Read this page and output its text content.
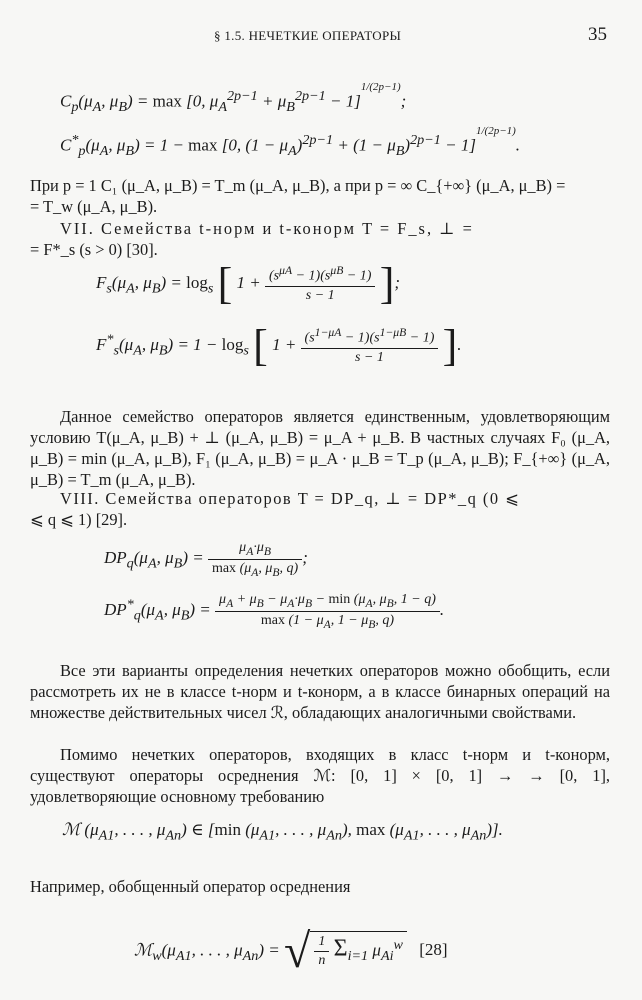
§ 1.5. НЕЧЕТКИЕ ОПЕРАТОРЫ	35
$C_p(\mu_A$, $\mu_B) = \max [0$, $\mu_A^{2p-1} + \mu_B^{2p-1} - 1]^{1/(2p-1)}$;
$C^*_p(\mu_A$, $\mu_B) = 1 - \max [0$, $(1 - \mu_A)^{2p-1} + (1 - \mu_B)^{2p-1} - 1]^{1/(2p-1)}$.

При p = 1 C₁ (μ_A, μ_B) = T_m (μ_A, μ_B), а при p = ∞ C_{+∞} (μ_A, μ_B) =

= T_w (μ_A, μ_B).

VII. Семейства t-норм и t-конорм T = F_s, ⊥ =

= F*_s (s > 0) [30].

$F_s(\mu_A$, $\mu_B) = \log_s$ [ $1 + \frac{(s^{\mu A} - 1)(s^{\mu B} - 1)}{s - 1}$ ];
$F^*_s(\mu_A$, $\mu_B) = 1 - \log_s$ [ $1 + \frac{(s^{1-\mu A} - 1)(s^{1-\mu B} - 1)}{s - 1}$ ].

Данное семейство операторов является единственным, удовлетворяющим условию T(μ_A, μ_B) + ⊥ (μ_A, μ_B) = μ_A + μ_B. В частных случаях F₀ (μ_A, μ_B) = min (μ_A, μ_B), F₁ (μ_A, μ_B) = μ_A · μ_B = T_p (μ_A, μ_B); F_{+∞} (μ_A, μ_B) = T_m (μ_A, μ_B).

VIII. Семейства операторов T = DP_q, ⊥ = DP*_q (0 ⩽

⩽ q ⩽ 1) [29].

$DP_q(\mu_A$, $\mu_B) = \frac{\mu_A\cdot\mu_B}{\max (\mu_A, \mu_B, q)}$ ;
$DP^*_q(\mu_A$, $\mu_B) = \frac{\mu_A + \mu_B - \mu_A\cdot\mu_B - \min (\mu_A, \mu_B, 1 - q)}{\max (1 - \mu_A, 1 - \mu_B, q)}$ .

Все эти варианты определения нечетких операторов можно обобщить, если рассмотреть их не в классе t-норм и t-конорм, а в классе бинарных операций на множестве действительных чисел ℛ, обладающих аналогичными свойствами.

Помимо нечетких операторов, входящих в класс t-норм и t-конорм, существуют операторы осреднения ℳ: [0, 1] × [0, 1] → → [0, 1], удовлетворяющие основному требованию

ℳ ($\mu_{A1}$, . . . , $\mu_{An}$) ∈ [min ($\mu_{A1}$, . . . , $\mu_{An}$), $\max (\mu_{A1}$, . . . , $\mu_{An}$)].

Например, обобщенный оператор осреднения

$ℳ_w(\mu_{A1}$, . . . , $\mu_{An}$) = √ $\frac{1}{n} \Sigma_{i=1}$ $\mu_{Ai}^w$ [28]
